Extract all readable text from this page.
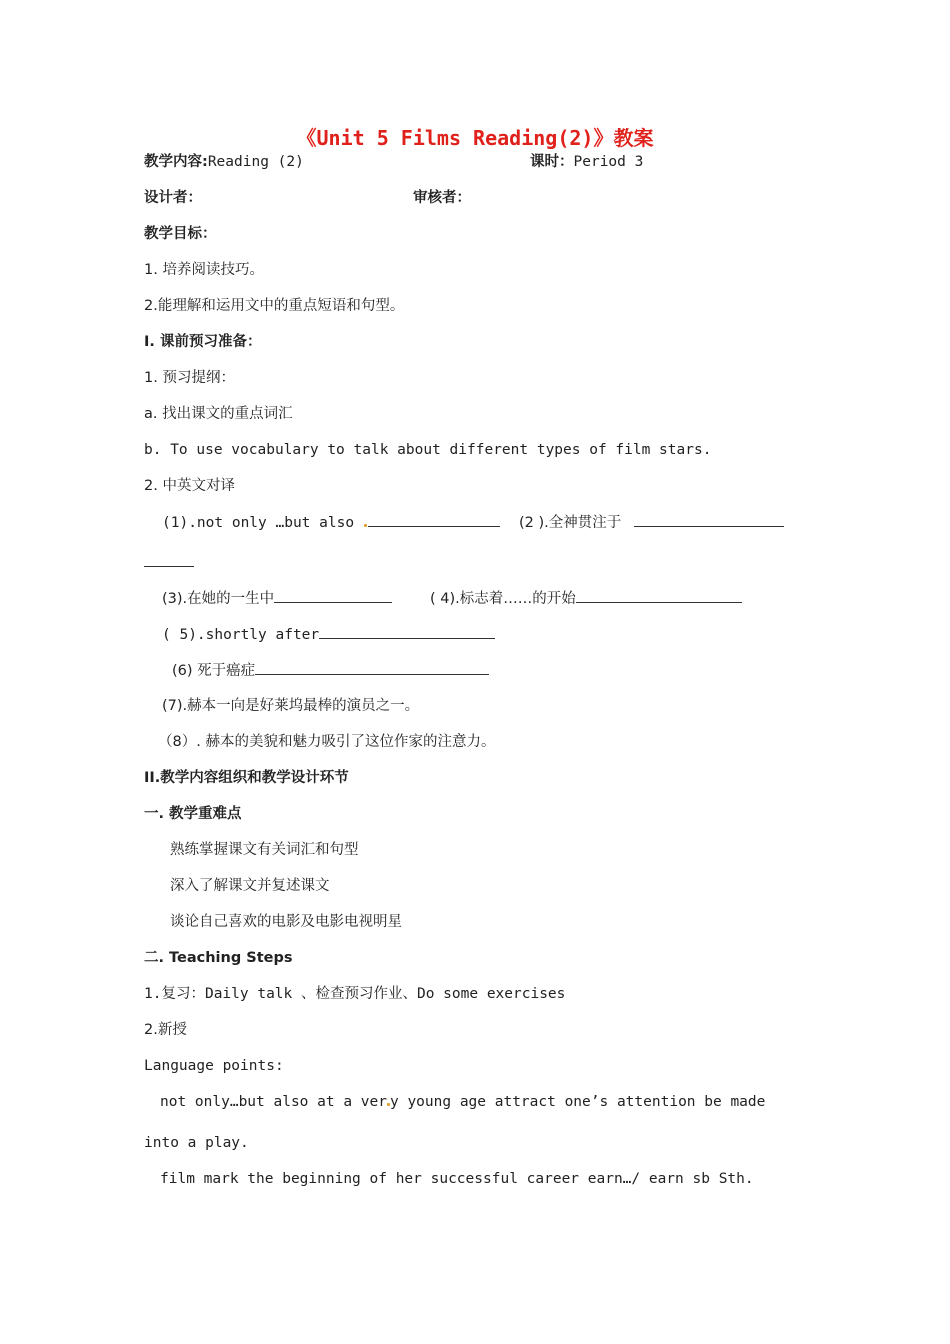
《Unit 5 Films Reading(2)》教案
教学内容:Reading (2)	课时：Period 3
设计者：	审核者：
教学目标：
1. 培养阅读技巧。
2.能理解和运用文中的重点短语和句型。
I. 课前预习准备：
1. 预习提纲：
a. 找出课文的重点词汇
b. To use vocabulary to talk about different types of film stars.
2. 中英文对译
(1).not only …but also	(2 ).全神贯注于
(3).在她的一生中	( 4).标志着……的开始
( 5).shortly after
(6) 死于癌症
(7).赫本一向是好莱坞最棒的演员之一。
（8）. 赫本的美貌和魅力吸引了这位作家的注意力。
II.教学内容组织和教学设计环节
一. 教学重难点
熟练掌握课文有关词汇和句型
深入了解课文并复述课文
谈论自己喜欢的电影及电影电视明星
二. Teaching Steps
1.复习：Daily talk 、检查预习作业、Do some exercises
2.新授
Language points:
not only…but also at a ver y young age attract one’s attention be made
into a play.
film mark the beginning of her successful career earn…/ earn sb Sth.
